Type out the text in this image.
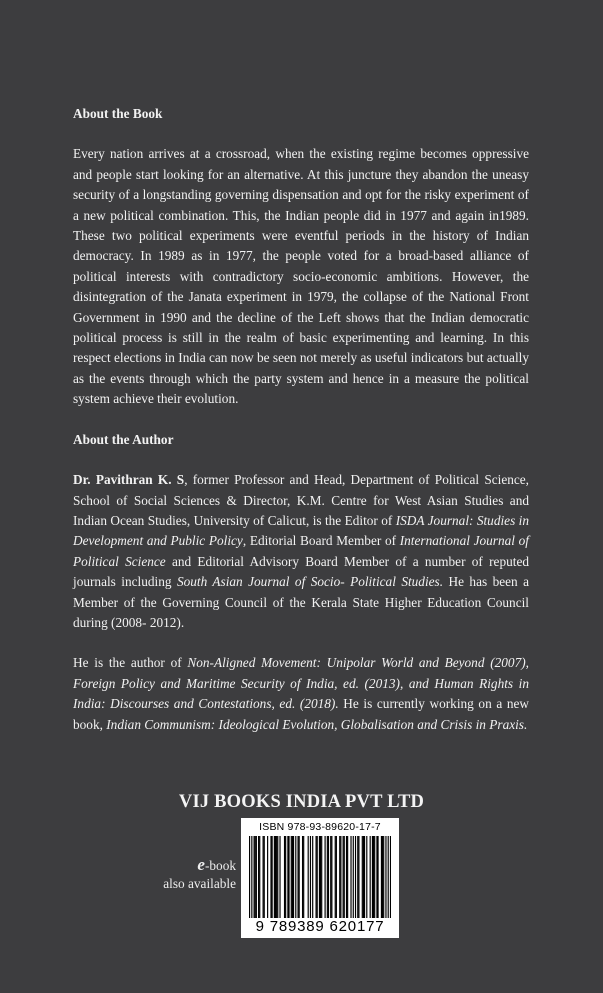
About the Book
Every nation arrives at a crossroad, when the existing regime becomes oppressive and people start looking for an alternative. At this juncture they abandon the uneasy security of a longstanding governing dispensation and opt for the risky experiment of a new political combination. This, the Indian people did in 1977 and again in1989. These two political experiments were eventful periods in the history of Indian democracy. In 1989 as in 1977, the people voted for a broad-based alliance of political interests with contradictory socio-economic ambitions. However, the disintegration of the Janata experiment in 1979, the collapse of the National Front Government in 1990 and the decline of the Left shows that the Indian democratic political process is still in the realm of basic experimenting and learning. In this respect elections in India can now be seen not merely as useful indicators but actually as the events through which the party system and hence in a measure the political system achieve their evolution.
About the Author
Dr. Pavithran K. S, former Professor and Head, Department of Political Science, School of Social Sciences & Director, K.M. Centre for West Asian Studies and Indian Ocean Studies, University of Calicut, is the Editor of ISDA Journal: Studies in Development and Public Policy, Editorial Board Member of International Journal of Political Science and Editorial Advisory Board Member of a number of reputed journals including South Asian Journal of Socio- Political Studies. He has been a Member of the Governing Council of the Kerala State Higher Education Council during (2008- 2012).
He is the author of Non-Aligned Movement: Unipolar World and Beyond (2007), Foreign Policy and Maritime Security of India, ed. (2013), and Human Rights in India: Discourses and Contestations, ed. (2018). He is currently working on a new book, Indian Communism: Ideological Evolution, Globalisation and Crisis in Praxis.
VIJ BOOKS INDIA PVT LTD
e-book
also available
ISBN 978-93-89620-17-7
9 789389 620177
